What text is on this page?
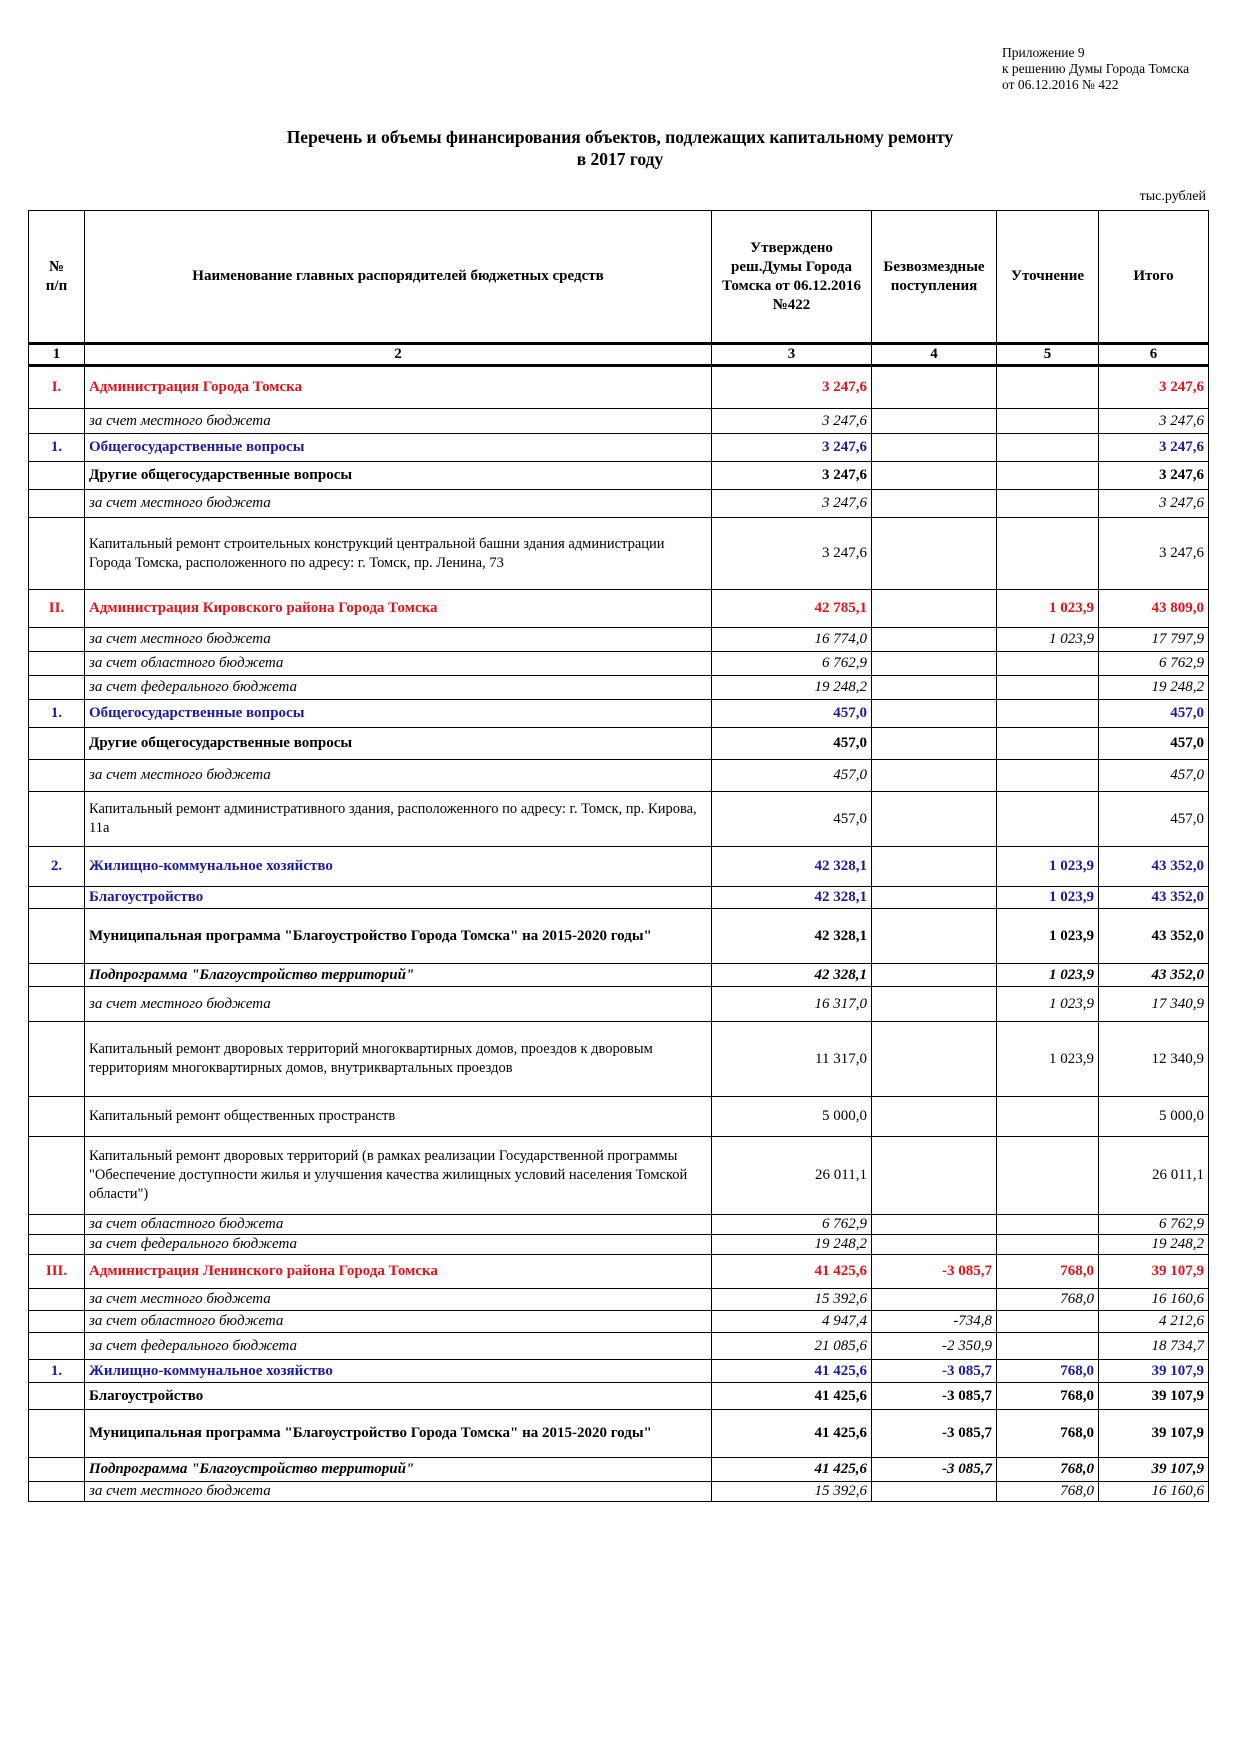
Приложение 9
к решению Думы Города Томска
от 06.12.2016 № 422
Перечень и объемы финансирования объектов, подлежащих капитальному ремонту
в 2017 году
тыс.рублей
№
п/п	Наименование главных распорядителей бюджетных средств	Утверждено реш.Думы Города Томска от 06.12.2016 №422	Безвозмездные поступления	Уточнение	Итого
1	2	3	4	5	6
I.	Администрация Города Томска	3 247,6			3 247,6
	за счет местного бюджета	3 247,6			3 247,6
1.	Общегосударственные вопросы	3 247,6			3 247,6
	Другие общегосударственные вопросы	3 247,6			3 247,6
	за счет местного бюджета	3 247,6			3 247,6
	Капитальный ремонт строительных конструкций центральной башни здания администрации Города Томска, расположенного по адресу: г. Томск, пр. Ленина, 73	3 247,6			3 247,6
II.	Администрация Кировского района Города Томска	42 785,1		1 023,9	43 809,0
	за счет местного бюджета	16 774,0		1 023,9	17 797,9
	за счет областного бюджета	6 762,9			6 762,9
	за счет федерального бюджета	19 248,2			19 248,2
1.	Общегосударственные вопросы	457,0			457,0
	Другие общегосударственные вопросы	457,0			457,0
	за счет местного бюджета	457,0			457,0
	Капитальный ремонт административного здания, расположенного по адресу: г. Томск, пр. Кирова, 11а	457,0			457,0
2.	Жилищно-коммунальное хозяйство	42 328,1		1 023,9	43 352,0
	Благоустройство	42 328,1		1 023,9	43 352,0
	Муниципальная программа "Благоустройство Города Томска" на 2015-2020 годы"	42 328,1		1 023,9	43 352,0
	Подпрограмма "Благоустройство территорий"	42 328,1		1 023,9	43 352,0
	за счет местного бюджета	16 317,0		1 023,9	17 340,9
	Капитальный ремонт дворовых территорий многоквартирных домов, проездов к дворовым территориям многоквартирных домов, внутриквартальных проездов	11 317,0		1 023,9	12 340,9
	Капитальный ремонт общественных пространств	5 000,0			5 000,0
	Капитальный ремонт дворовых территорий (в рамках реализации Государственной программы "Обеспечение доступности жилья и улучшения качества жилищных условий населения Томской области")	26 011,1			26 011,1
	за счет областного бюджета	6 762,9			6 762,9
	за счет федерального бюджета	19 248,2			19 248,2
III.	Администрация Ленинского района Города Томска	41 425,6	-3 085,7	768,0	39 107,9
	за счет местного бюджета	15 392,6		768,0	16 160,6
	за счет областного бюджета	4 947,4	-734,8		4 212,6
	за счет федерального бюджета	21 085,6	-2 350,9		18 734,7
1.	Жилищно-коммунальное хозяйство	41 425,6	-3 085,7	768,0	39 107,9
	Благоустройство	41 425,6	-3 085,7	768,0	39 107,9
	Муниципальная программа "Благоустройство Города Томска" на 2015-2020 годы"	41 425,6	-3 085,7	768,0	39 107,9
	Подпрограмма "Благоустройство территорий"	41 425,6	-3 085,7	768,0	39 107,9
	за счет местного бюджета	15 392,6		768,0	16 160,6
